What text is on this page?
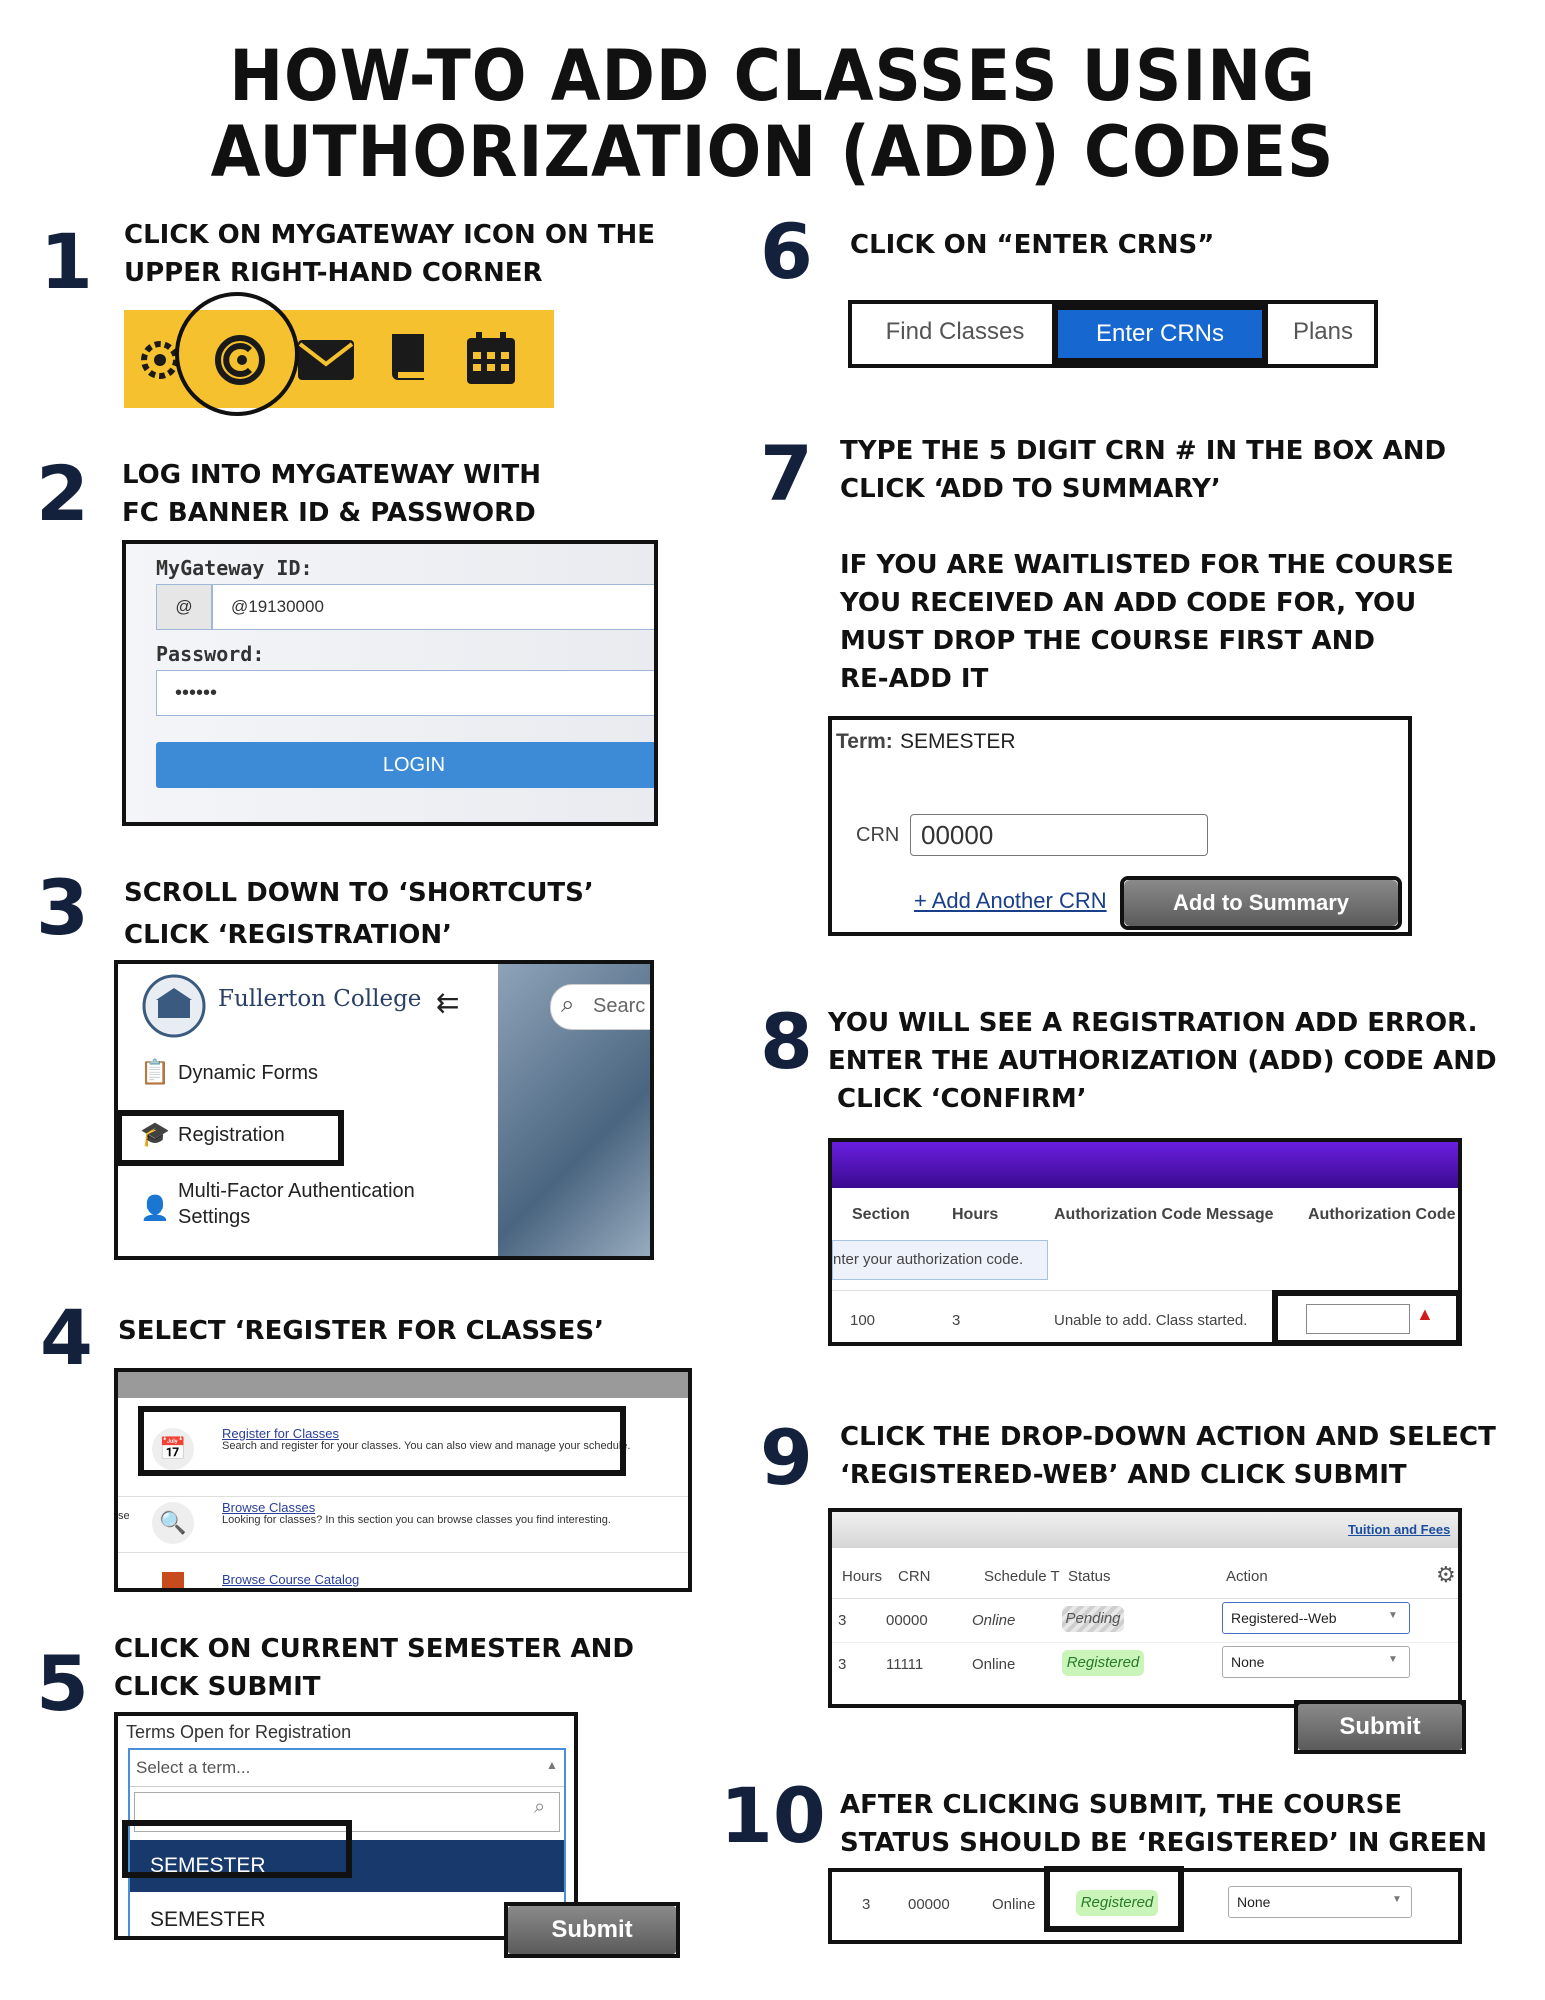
HOW-TO ADD CLASSES USING
AUTHORIZATION (ADD) CODES
1 CLICK ON MYGATEWAY ICON ON THE
UPPER RIGHT-HAND CORNER
2 LOG INTO MYGATEWAY WITH
FC BANNER ID & PASSWORD
MyGateway ID:
@	@19130000
Password:
••••••
LOGIN
3 SCROLL DOWN TO ‘SHORTCUTS’
CLICK ‘REGISTRATION’
Fullerton College ⇇	⌕ Searc
📋 Dynamic Forms
🎓 Registration
👤
Multi-Factor Authentication
Settings
4 SELECT ‘REGISTER FOR CLASSES’
📅
Register for Classes
Search and register for your classes. You can also view and manage your schedule.
se	🔍
Browse Classes
Looking for classes? In this section you can browse classes you find interesting.
Browse Course Catalog
5 CLICK ON CURRENT SEMESTER AND
CLICK SUBMIT
Terms Open for Registration
Select a term...	▲
⌕
SEMESTER
SEMESTER	Submit
6 CLICK ON “ENTER CRNS”
Find Classes	Enter CRNs	Plans
7 TYPE THE 5 DIGIT CRN # IN THE BOX AND
CLICK ‘ADD TO SUMMARY’
IF YOU ARE WAITLISTED FOR THE COURSE
YOU RECEIVED AN ADD CODE FOR, YOU
MUST DROP THE COURSE FIRST AND
RE-ADD IT
Term: SEMESTER
CRN 00000
+ Add Another CRN	Add to Summary
8 YOU WILL SEE A REGISTRATION ADD ERROR.
ENTER THE AUTHORIZATION (ADD) CODE AND
CLICK ‘CONFIRM’
Section	Hours	Authorization Code Message Authorization Code
nter your authorization code.
100	3	Unable to add. Class started.	▲
9 CLICK THE DROP-DOWN ACTION AND SELECT
‘REGISTERED-WEB’ AND CLICK SUBMIT
Tuition and Fees
Hours CRN	Schedule T Status	Action	⚙
3	00000	Online	Pending	Registered--Web	▼
3	11111	Online	Registered	None	▼
Submit
10 AFTER CLICKING SUBMIT, THE COURSE
STATUS SHOULD BE ‘REGISTERED’ IN GREEN
3	00000	Online	Registered	None	▼
